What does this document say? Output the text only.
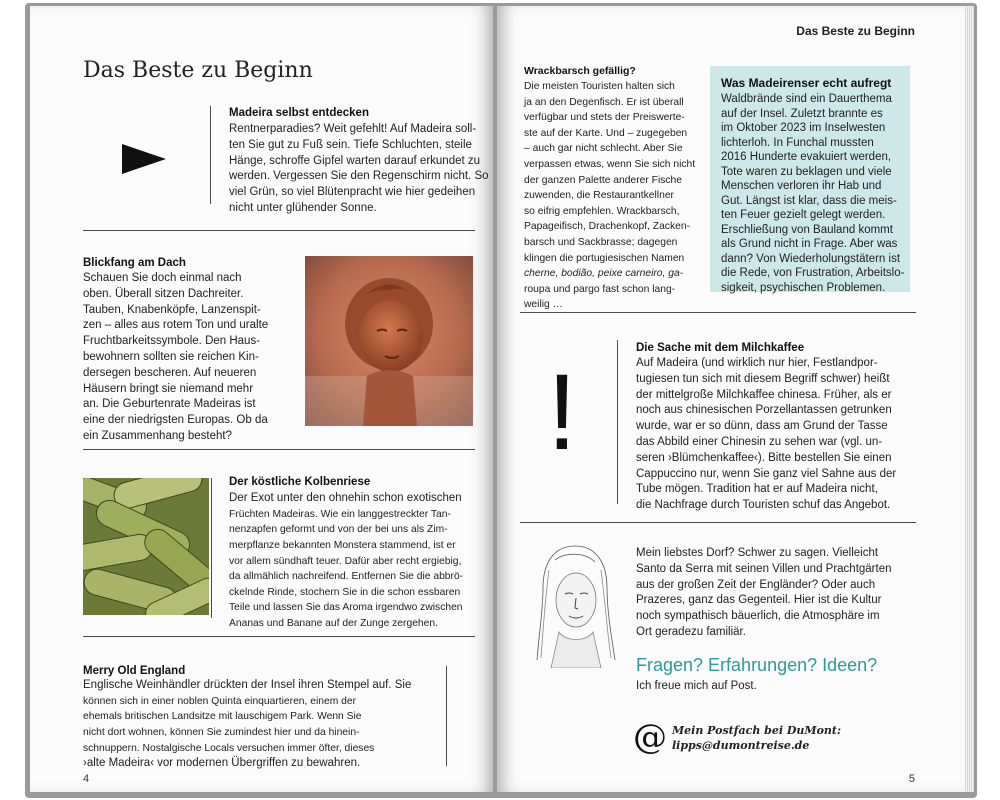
Das Beste zu Beginn
Madeira selbst entdecken
Rentnerparadies? Weit gefehlt! Auf Madeira soll-
ten Sie gut zu Fuß sein. Tiefe Schluchten, steile
Hänge, schroffe Gipfel warten darauf erkundet zu
werden. Vergessen Sie den Regenschirm nicht. So
viel Grün, so viel Blütenpracht wie hier gedeihen
nicht unter glühender Sonne.
Blickfang am Dach
Schauen Sie doch einmal nach
oben. Überall sitzen Dachreiter.
Tauben, Knabenköpfe, Lanzenspit-
zen – alles aus rotem Ton und uralte
Fruchtbarkeitssymbole. Den Haus-
bewohnern sollten sie reichen Kin-
dersegen bescheren. Auf neueren
Häusern bringt sie niemand mehr
an. Die Geburtenrate Madeiras ist
eine der niedrigsten Europas. Ob da
ein Zusammenhang besteht?
Der köstliche Kolbenriese
Der Exot unter den ohnehin schon exotischen
Früchten Madeiras. Wie ein langgestreckter Tan-
nenzapfen geformt und von der bei uns als Zim-
merpflanze bekannten Monstera stammend, ist er
vor allem sündhaft teuer. Dafür aber recht ergiebig,
da allmählich nachreifend. Entfernen Sie die abbrö-
ckelnde Rinde, stochern Sie in die schon essbaren
Teile und lassen Sie das Aroma irgendwo zwischen
Ananas und Banane auf der Zunge zergehen.
Merry Old England
Englische Weinhändler drückten der Insel ihren Stempel auf. Sie
können sich in einer noblen Quinta einquartieren, einem der
ehemals britischen Landsitze mit lauschigem Park. Wenn Sie
nicht dort wohnen, können Sie zumindest hier und da hinein-
schnuppern. Nostalgische Locals versuchen immer öfter, dieses
›alte Madeira‹ vor modernen Übergriffen zu bewahren.
4
Das Beste zu Beginn
Wrackbarsch gefällig?
Die meisten Touristen halten sich
ja an den Degenfisch. Er ist überall
verfügbar und stets der Preiswerte-
ste auf der Karte. Und – zugegeben
– auch gar nicht schlecht. Aber Sie
verpassen etwas, wenn Sie sich nicht
der ganzen Palette anderer Fische
zuwenden, die Restaurantkellner
so eifrig empfehlen. Wrackbarsch,
Papageifisch, Drachenkopf, Zacken-
barsch und Sackbrasse; dagegen
klingen die portugiesischen Namen
cherne, bodião, peixe carneiro, ga-
roupa und pargo fast schon lang-
weilig …
Was Madeirenser echt aufregt
Waldbrände sind ein Dauerthema
auf der Insel. Zuletzt brannte es
im Oktober 2023 im Inselwesten
lichterloh. In Funchal mussten
2016 Hunderte evakuiert werden,
Tote waren zu beklagen und viele
Menschen verloren ihr Hab und
Gut. Längst ist klar, dass die meis-
ten Feuer gezielt gelegt werden.
Erschließung von Bauland kommt
als Grund nicht in Frage. Aber was
dann? Von Wiederholungstätern ist
die Rede, von Frustration, Arbeitslo-
sigkeit, psychischen Problemen.
!
Die Sache mit dem Milchkaffee
Auf Madeira (und wirklich nur hier, Festlandpor-
tugiesen tun sich mit diesem Begriff schwer) heißt
der mittelgroße Milchkaffee chinesa. Früher, als er
noch aus chinesischen Porzellantassen getrunken
wurde, war er so dünn, dass am Grund der Tasse
das Abbild einer Chinesin zu sehen war (vgl. un-
seren ›Blümchenkaffee‹). Bitte bestellen Sie einen
Cappuccino nur, wenn Sie ganz viel Sahne aus der
Tube mögen. Tradition hat er auf Madeira nicht,
die Nachfrage durch Touristen schuf das Angebot.
Mein liebstes Dorf? Schwer zu sagen. Vielleicht
Santo da Serra mit seinen Villen und Prachtgärten
aus der großen Zeit der Engländer? Oder auch
Prazeres, ganz das Gegenteil. Hier ist die Kultur
noch sympathisch bäuerlich, die Atmosphäre im
Ort geradezu familiär.
Fragen? Erfahrungen? Ideen?
Ich freue mich auf Post.
@ Mein Postfach bei DuMont:
lipps@dumontreise.de
5
